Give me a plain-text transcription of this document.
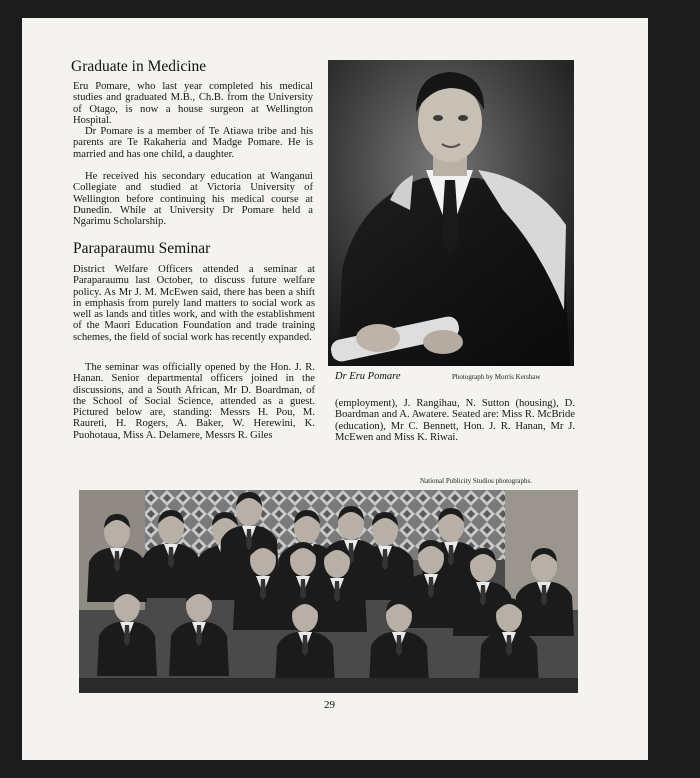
Graduate in Medicine

Eru Pomare, who last year completed his medical studies and graduated M.B., Ch.B. from the University of Otago, is now a house surgeon at Wellington Hospital.

Dr Pomare is a member of Te Atiawa tribe and his parents are Te Rakaheria and Madge Pomare. He is married and has one child, a daughter.

He received his secondary education at Wanganui Collegiate and studied at Victoria University of Wellington before continuing his medical course at Dunedin. While at University Dr Pomare held a Ngarimu Scholarship.

Paraparaumu Seminar

District Welfare Officers attended a seminar at Paraparaumu last October, to discuss future welfare policy. As Mr J. M. McEwen said, there has been a shift in emphasis from purely land matters to social work as well as lands and titles work, and with the establishment of the Maori Education Foundation and trade training schemes, the field of social work has recently expanded.

The seminar was officially opened by the Hon. J. R. Hanan. Senior departmental officers joined in the discussions, and a South African, Mr D. Boardman, of the School of Social Science, attended as a guest. Pictured below are, standing: Messrs H. Pou, M. Raureti, H. Rogers, A. Baker, W. Herewini, K. Puohotaua, Miss A. Delamere, Messrs R. Giles

(employment), J. Rangihau, N. Sutton (housing), D. Boardman and A. Awatere. Seated are: Miss R. McBride (education), Mr C. Bennett, Hon. J. R. Hanan, Mr J. McEwen and Miss K. Riwai.

Dr Eru Pomare	Photograph by Morris Kershaw
National Publicity Studios photographs.
29
